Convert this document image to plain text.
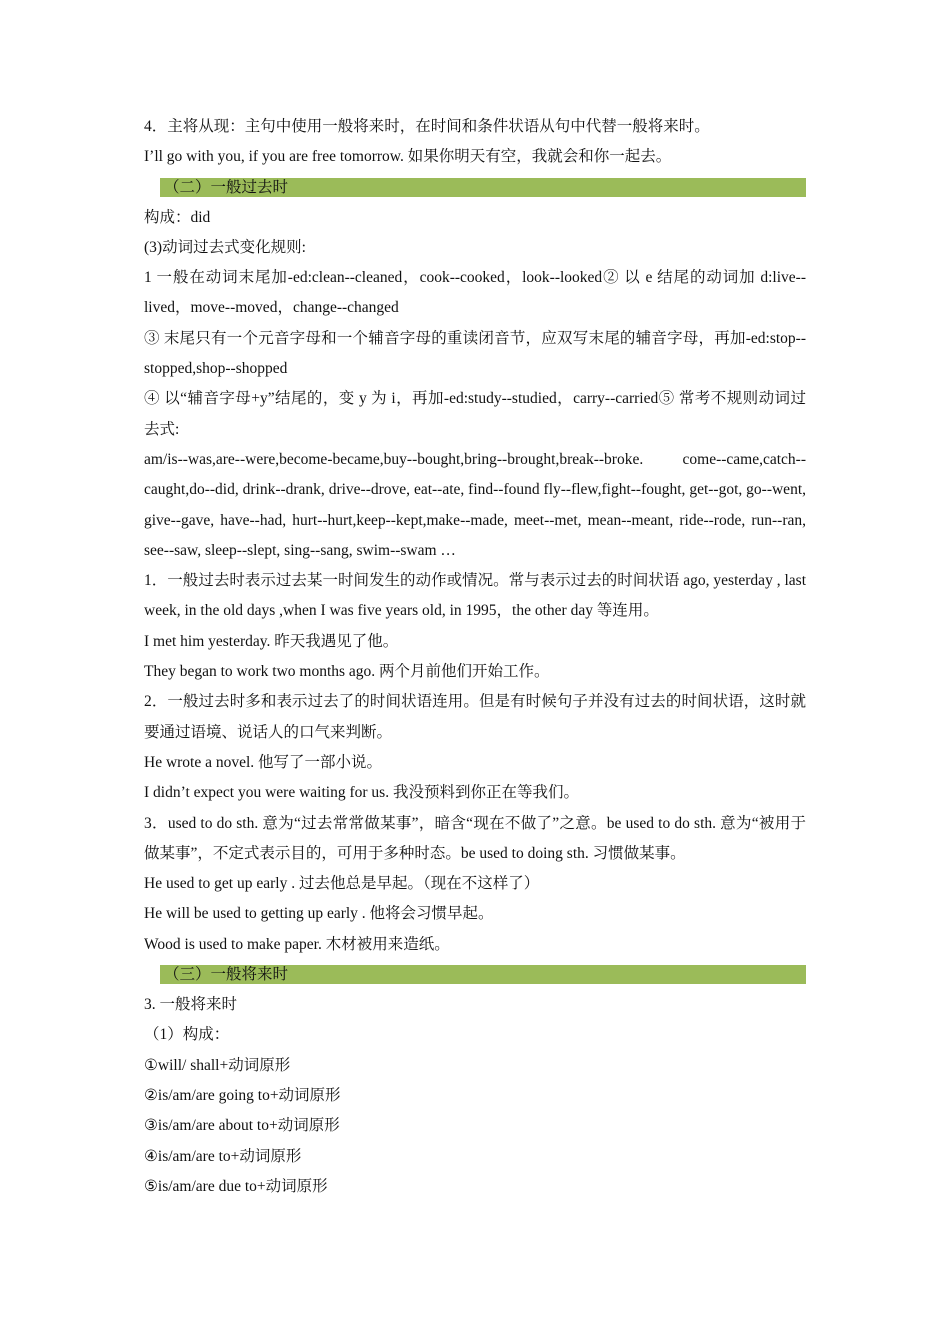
4．主将从现：主句中使用一般将来时，在时间和条件状语从句中代替一般将来时。
I’ll go with you, if you are free tomorrow. 如果你明天有空，我就会和你一起去。
（二）一般过去时
构成：did
(3)动词过去式变化规则:
1 一般在动词末尾加-ed:clean--cleaned，cook--cooked，look--looked② 以 e 结尾的动词加 d:live--lived，move--moved，change--changed
③ 末尾只有一个元音字母和一个辅音字母的重读闭音节，应双写末尾的辅音字母，再加-ed:stop--stopped,shop--shopped
④ 以“辅音字母+y”结尾的，变 y 为 i，再加-ed:study--studied，carry--carried⑤ 常考不规则动词过去式:
am/is--was,are--were,become-became,buy--bought,bring--brought,break--broke. come--came,catch--caught,do--did, drink--drank, drive--drove, eat--ate, find--found fly--flew,fight--fought, get--got, go--went, give--gave, have--had, hurt--hurt,keep--kept,make--made, meet--met, mean--meant, ride--rode, run--ran, see--saw, sleep--slept, sing--sang, swim--swam …
1．一般过去时表示过去某一时间发生的动作或情况。常与表示过去的时间状语 ago, yesterday , last week, in the old days ,when I was five years old, in 1995，the other day 等连用。
I met him yesterday. 昨天我遇见了他。
They began to work two months ago. 两个月前他们开始工作。
2．一般过去时多和表示过去了的时间状语连用。但是有时候句子并没有过去的时间状语，这时就要通过语境、说话人的口气来判断。
He wrote a novel. 他写了一部小说。
I didn’t expect you were waiting for us. 我没预料到你正在等我们。
3．used to do sth. 意为“过去常常做某事”，暗含“现在不做了”之意。be used to do sth. 意为“被用于做某事”，不定式表示目的，可用于多种时态。be used to doing sth. 习惯做某事。
He used to get up early . 过去他总是早起。（现在不这样了）
He will be used to getting up early . 他将会习惯早起。
Wood is used to make paper. 木材被用来造纸。
（三）一般将来时
3. 一般将来时
（1）构成：
①will/ shall+动词原形
②is/am/are going to+动词原形
③is/am/are about to+动词原形
④is/am/are to+动词原形
⑤is/am/are due to+动词原形
